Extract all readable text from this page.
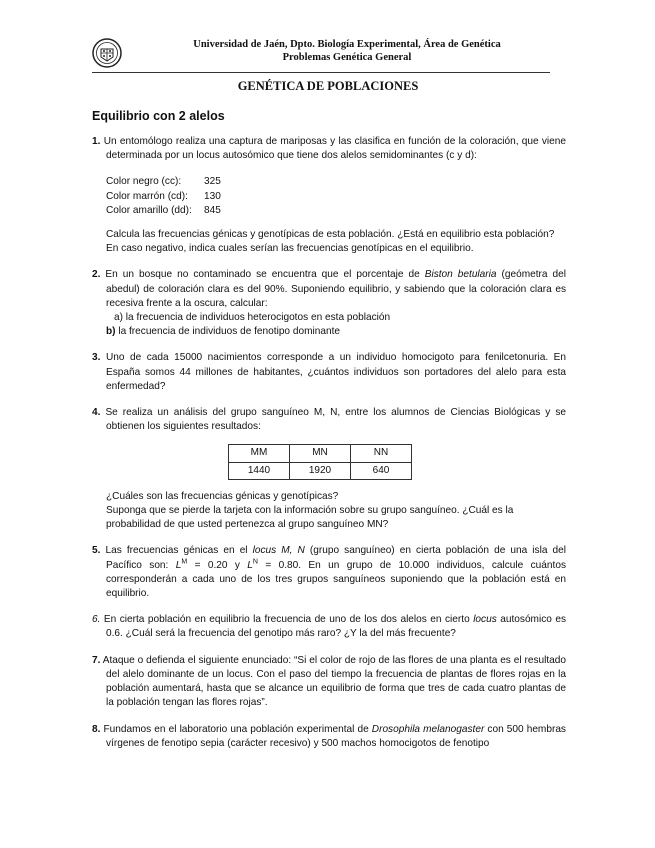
Universidad de Jaén, Dpto. Biología Experimental, Área de Genética
Problemas Genética General
GENÉTICA DE POBLACIONES
Equilibrio con 2 alelos

1. Un entomólogo realiza una captura de mariposas y las clasifica en función de la coloración, que viene determinada por un locus autosómico que tiene dos alelos semidominantes (c y d):

Color negro (cc):	325
Color marrón (cd):	130
Color amarillo (dd):	845
Calcula las frecuencias génicas y genotípicas de esta población. ¿Está en equilibrio esta población? En caso negativo, indica cuales serían las frecuencias genotípicas en el equilibrio.

2. En un bosque no contaminado se encuentra que el porcentaje de Biston betularia (geómetra del abedul) de coloración clara es del 90%. Suponiendo equilibrio, y sabiendo que la coloración clara es recesiva frente a la oscura, calcular:

a) la frecuencia de individuos heterocigotos en esta población
b) la frecuencia de individuos de fenotipo dominante

3. Uno de cada 15000 nacimientos corresponde a un individuo homocigoto para fenilcetonuria. En España somos 44 millones de habitantes, ¿cuántos individuos son portadores del alelo para esta enfermedad?

4. Se realiza un análisis del grupo sanguíneo M, N, entre los alumnos de Ciencias Biológicas y se obtienen los siguientes resultados:

MM	MN	NN
1440	1920	640
¿Cuáles son las frecuencias génicas y genotípicas?
Suponga que se pierde la tarjeta con la información sobre su grupo sanguíneo. ¿Cuál es la probabilidad de que usted pertenezca al grupo sanguíneo MN?

5. Las frecuencias génicas en el locus M, N (grupo sanguíneo) en cierta población de una isla del Pacífico son: $L^M = 0.20$ y $L^N = 0.80$. En un grupo de 10.000 individuos, calcule cuántos corresponderán a cada uno de los tres grupos sanguíneos suponiendo que la población está en equilibrio.

6. En cierta población en equilibrio la frecuencia de uno de los dos alelos en cierto locus autosómico es 0.6. ¿Cuál será la frecuencia del genotipo más raro? ¿Y la del más frecuente?

7. Ataque o defienda el siguiente enunciado: “Si el color de rojo de las flores de una planta es el resultado del alelo dominante de un locus. Con el paso del tiempo la frecuencia de plantas de flores rojas en la población aumentará, hasta que se alcance un equilibrio de forma que tres de cada cuatro plantas de la población tengan las flores rojas”.

8. Fundamos en el laboratorio una población experimental de Drosophila melanogaster con 500 hembras vírgenes de fenotipo sepia (carácter recesivo) y 500 machos homocigotos de fenotipo
